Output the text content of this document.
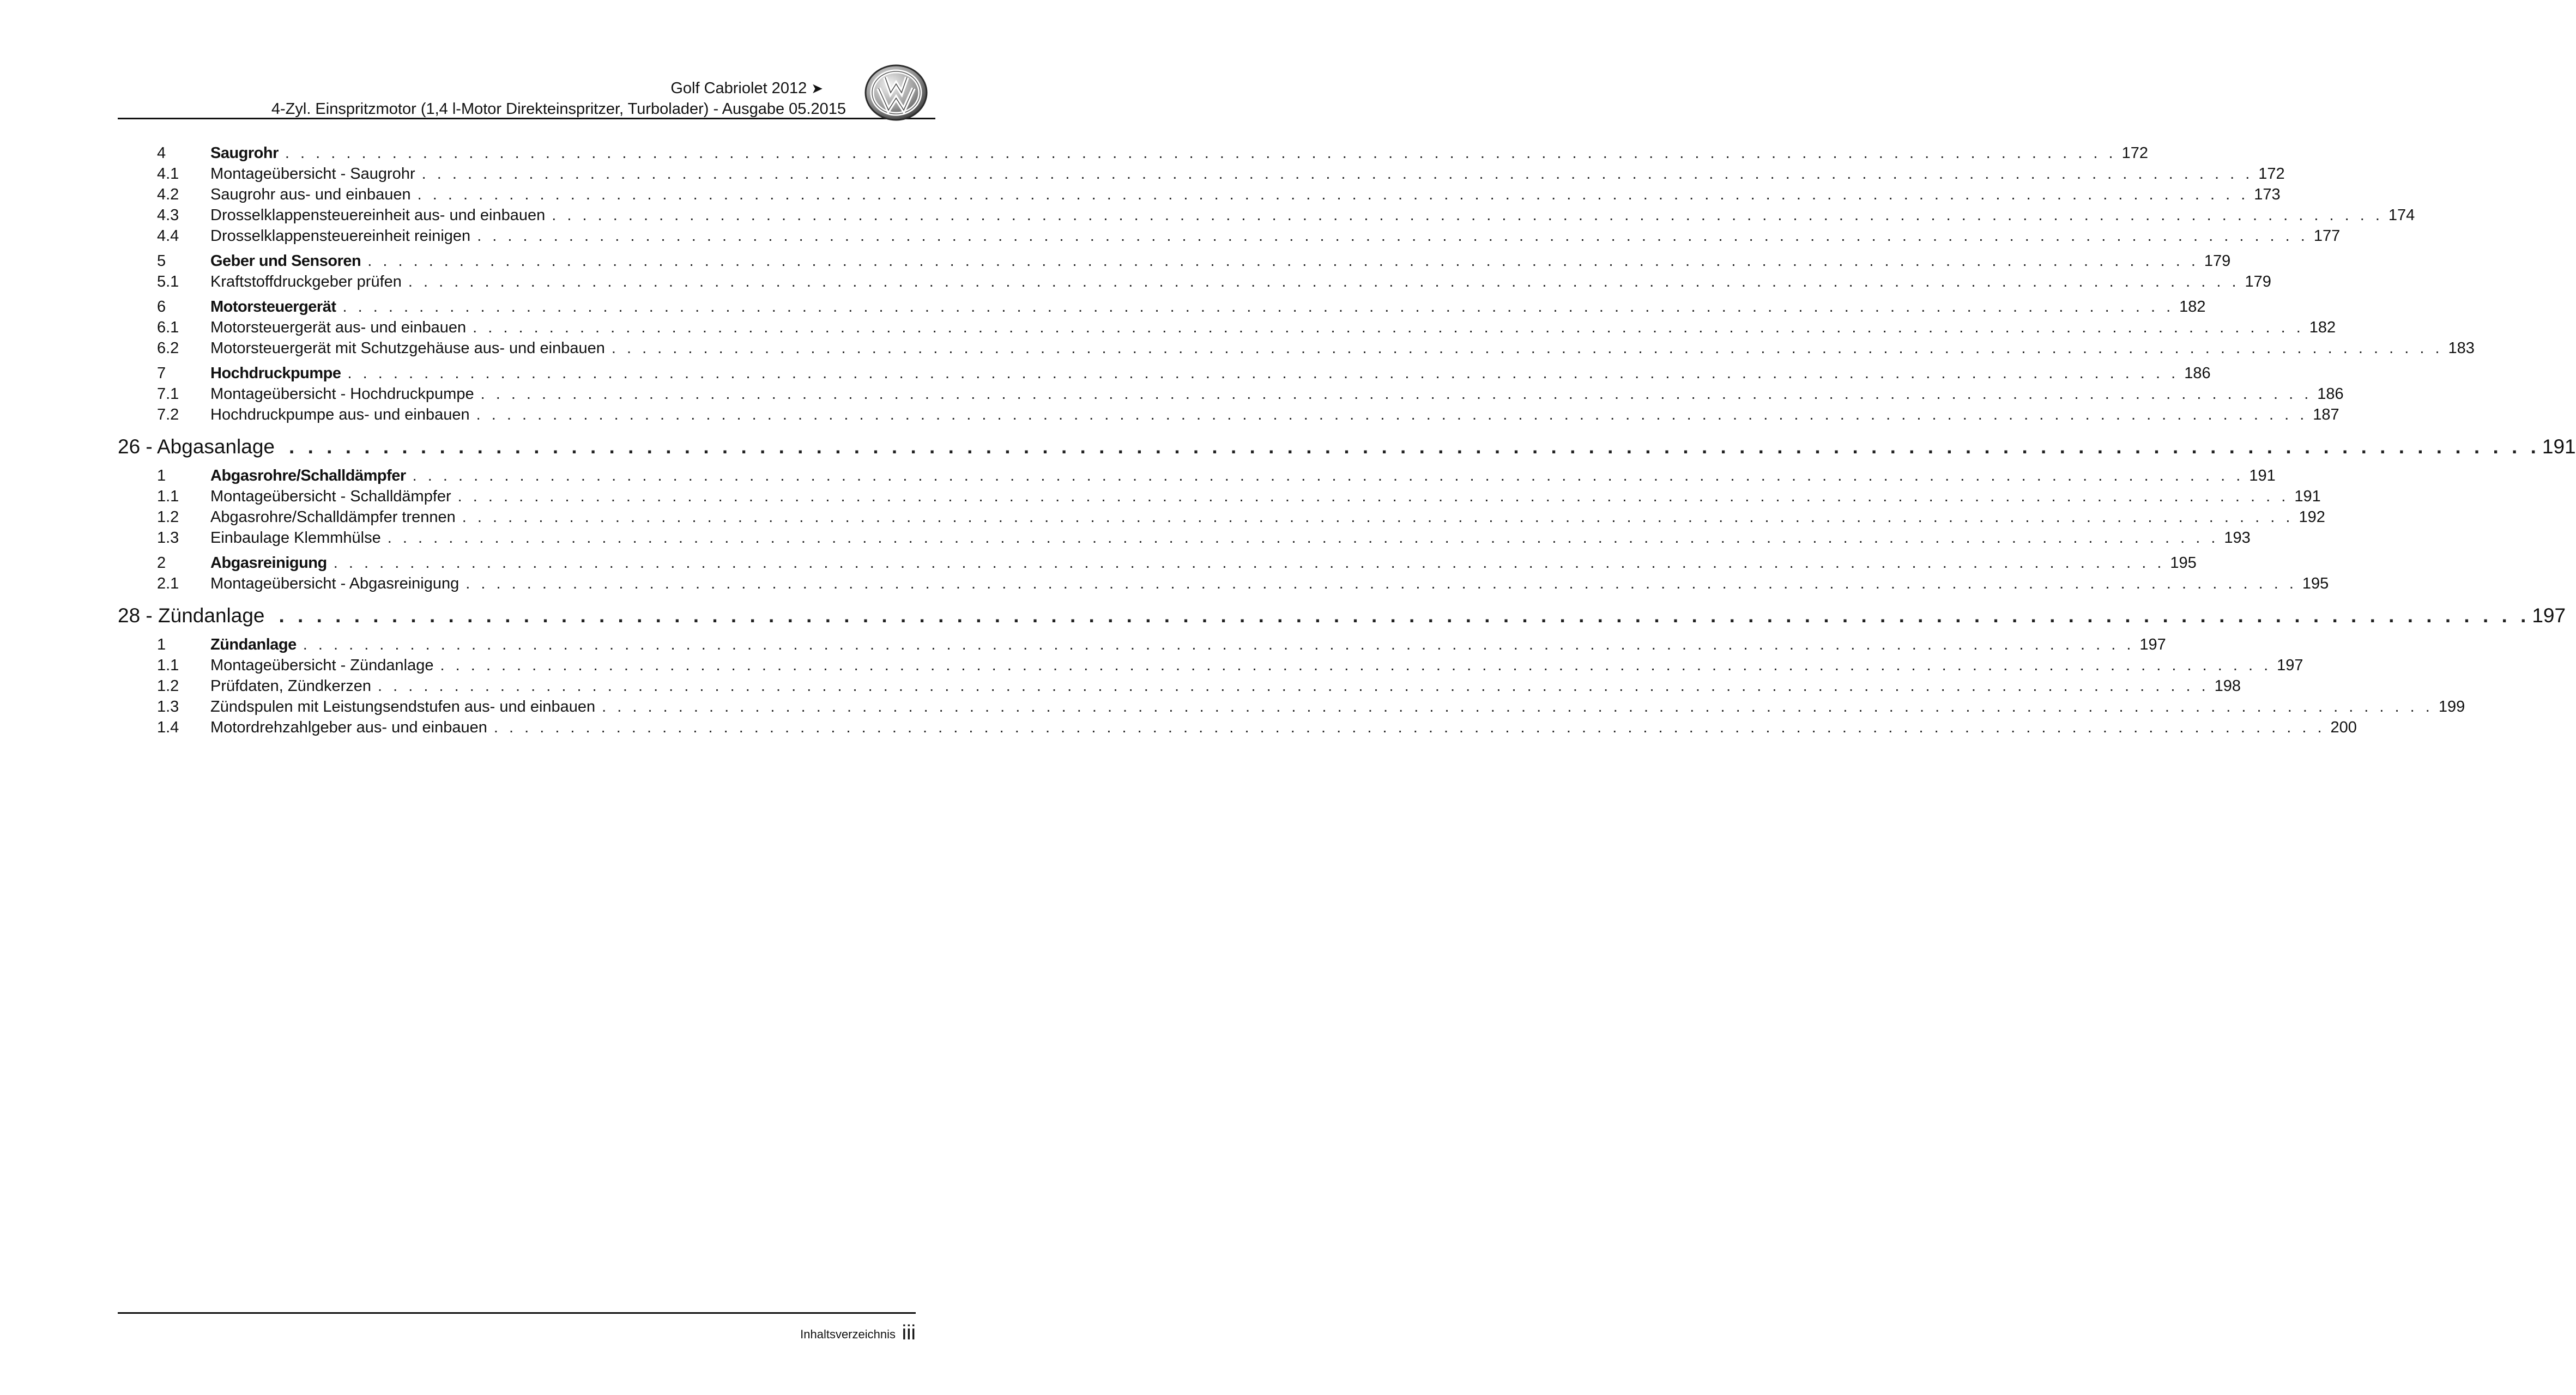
Golf Cabriolet 2012 ➤
4-Zyl. Einspritzmotor (1,4 l-Motor Direkteinspritzer, Turbolader) - Ausgabe 05.2015
4	Saugrohr . . . . . . . . . . . . . . . . . . . . . . . . . . . . . . . . . . . . . . . . . . . . . . . . . . . . . . . . . . . . . . . . . . . . . . . . . . . . . . . . . . . . . . . . . . . . . . . . . . . . . . . . . . . . . . . . . . . . . . . . 172
4.1	Montageübersicht - Saugrohr . . . . . . . . . . . . . . . . . . . . . . . . . . . . . . . . . . . . . . . . . . . . . . . . . . . . . . . . . . . . . . . . . . . . . . . . . . . . . . . . . . . . . . . . . . . . . . . . . . . . . . . . . . . . . . . . . . . . . . . . 172
4.2	Saugrohr aus- und einbauen . . . . . . . . . . . . . . . . . . . . . . . . . . . . . . . . . . . . . . . . . . . . . . . . . . . . . . . . . . . . . . . . . . . . . . . . . . . . . . . . . . . . . . . . . . . . . . . . . . . . . . . . . . . . . . . . . . . . . . . . 173
4.3	Drosselklappensteuereinheit aus- und einbauen . . . . . . . . . . . . . . . . . . . . . . . . . . . . . . . . . . . . . . . . . . . . . . . . . . . . . . . . . . . . . . . . . . . . . . . . . . . . . . . . . . . . . . . . . . . . . . . . . . . . . . . . . . . . . . . . . . . . . . . . 174
4.4	Drosselklappensteuereinheit reinigen . . . . . . . . . . . . . . . . . . . . . . . . . . . . . . . . . . . . . . . . . . . . . . . . . . . . . . . . . . . . . . . . . . . . . . . . . . . . . . . . . . . . . . . . . . . . . . . . . . . . . . . . . . . . . . . . . . . . . . . . 177
5	Geber und Sensoren . . . . . . . . . . . . . . . . . . . . . . . . . . . . . . . . . . . . . . . . . . . . . . . . . . . . . . . . . . . . . . . . . . . . . . . . . . . . . . . . . . . . . . . . . . . . . . . . . . . . . . . . . . . . . . . . . . . . . . . . 179
5.1	Kraftstoffdruckgeber prüfen . . . . . . . . . . . . . . . . . . . . . . . . . . . . . . . . . . . . . . . . . . . . . . . . . . . . . . . . . . . . . . . . . . . . . . . . . . . . . . . . . . . . . . . . . . . . . . . . . . . . . . . . . . . . . . . . . . . . . . . . 179
6	Motorsteuergerät . . . . . . . . . . . . . . . . . . . . . . . . . . . . . . . . . . . . . . . . . . . . . . . . . . . . . . . . . . . . . . . . . . . . . . . . . . . . . . . . . . . . . . . . . . . . . . . . . . . . . . . . . . . . . . . . . . . . . . . . 182
6.1	Motorsteuergerät aus- und einbauen . . . . . . . . . . . . . . . . . . . . . . . . . . . . . . . . . . . . . . . . . . . . . . . . . . . . . . . . . . . . . . . . . . . . . . . . . . . . . . . . . . . . . . . . . . . . . . . . . . . . . . . . . . . . . . . . . . . . . . . . 182
6.2	Motorsteuergerät mit Schutzgehäuse aus- und einbauen . . . . . . . . . . . . . . . . . . . . . . . . . . . . . . . . . . . . . . . . . . . . . . . . . . . . . . . . . . . . . . . . . . . . . . . . . . . . . . . . . . . . . . . . . . . . . . . . . . . . . . . . . . . . . . . . . . . . . . . . 183
7	Hochdruckpumpe . . . . . . . . . . . . . . . . . . . . . . . . . . . . . . . . . . . . . . . . . . . . . . . . . . . . . . . . . . . . . . . . . . . . . . . . . . . . . . . . . . . . . . . . . . . . . . . . . . . . . . . . . . . . . . . . . . . . . . . . 186
7.1	Montageübersicht - Hochdruckpumpe . . . . . . . . . . . . . . . . . . . . . . . . . . . . . . . . . . . . . . . . . . . . . . . . . . . . . . . . . . . . . . . . . . . . . . . . . . . . . . . . . . . . . . . . . . . . . . . . . . . . . . . . . . . . . . . . . . . . . . . . 186
7.2	Hochdruckpumpe aus- und einbauen . . . . . . . . . . . . . . . . . . . . . . . . . . . . . . . . . . . . . . . . . . . . . . . . . . . . . . . . . . . . . . . . . . . . . . . . . . . . . . . . . . . . . . . . . . . . . . . . . . . . . . . . . . . . . . . . . . . . . . . . 187
26 - Abgasanlage . . . . . . . . . . . . . . . . . . . . . . . . . . . . . . . . . . . . . . . . . . . . . . . . . . . . . . . . . . . . . . . . . . . . . . . . . . . . . . . . . . . . . . . . . . . . . . . . . . . . . . . . . . . . . . . . . . . . . . . . 191
1	Abgasrohre/Schalldämpfer . . . . . . . . . . . . . . . . . . . . . . . . . . . . . . . . . . . . . . . . . . . . . . . . . . . . . . . . . . . . . . . . . . . . . . . . . . . . . . . . . . . . . . . . . . . . . . . . . . . . . . . . . . . . . . . . . . . . . . . . 191
1.1	Montageübersicht - Schalldämpfer . . . . . . . . . . . . . . . . . . . . . . . . . . . . . . . . . . . . . . . . . . . . . . . . . . . . . . . . . . . . . . . . . . . . . . . . . . . . . . . . . . . . . . . . . . . . . . . . . . . . . . . . . . . . . . . . . . . . . . . . 191
1.2	Abgasrohre/Schalldämpfer trennen . . . . . . . . . . . . . . . . . . . . . . . . . . . . . . . . . . . . . . . . . . . . . . . . . . . . . . . . . . . . . . . . . . . . . . . . . . . . . . . . . . . . . . . . . . . . . . . . . . . . . . . . . . . . . . . . . . . . . . . . 192
1.3	Einbaulage Klemmhülse . . . . . . . . . . . . . . . . . . . . . . . . . . . . . . . . . . . . . . . . . . . . . . . . . . . . . . . . . . . . . . . . . . . . . . . . . . . . . . . . . . . . . . . . . . . . . . . . . . . . . . . . . . . . . . . . . . . . . . . . 193
2	Abgasreinigung . . . . . . . . . . . . . . . . . . . . . . . . . . . . . . . . . . . . . . . . . . . . . . . . . . . . . . . . . . . . . . . . . . . . . . . . . . . . . . . . . . . . . . . . . . . . . . . . . . . . . . . . . . . . . . . . . . . . . . . . 195
2.1	Montageübersicht - Abgasreinigung . . . . . . . . . . . . . . . . . . . . . . . . . . . . . . . . . . . . . . . . . . . . . . . . . . . . . . . . . . . . . . . . . . . . . . . . . . . . . . . . . . . . . . . . . . . . . . . . . . . . . . . . . . . . . . . . . . . . . . . . 195
28 - Zündanlage . . . . . . . . . . . . . . . . . . . . . . . . . . . . . . . . . . . . . . . . . . . . . . . . . . . . . . . . . . . . . . . . . . . . . . . . . . . . . . . . . . . . . . . . . . . . . . . . . . . . . . . . . . . . . . . . . . . . . . . . 197
1	Zündanlage . . . . . . . . . . . . . . . . . . . . . . . . . . . . . . . . . . . . . . . . . . . . . . . . . . . . . . . . . . . . . . . . . . . . . . . . . . . . . . . . . . . . . . . . . . . . . . . . . . . . . . . . . . . . . . . . . . . . . . . . 197
1.1	Montageübersicht - Zündanlage . . . . . . . . . . . . . . . . . . . . . . . . . . . . . . . . . . . . . . . . . . . . . . . . . . . . . . . . . . . . . . . . . . . . . . . . . . . . . . . . . . . . . . . . . . . . . . . . . . . . . . . . . . . . . . . . . . . . . . . . 197
1.2	Prüfdaten, Zündkerzen . . . . . . . . . . . . . . . . . . . . . . . . . . . . . . . . . . . . . . . . . . . . . . . . . . . . . . . . . . . . . . . . . . . . . . . . . . . . . . . . . . . . . . . . . . . . . . . . . . . . . . . . . . . . . . . . . . . . . . . . 198
1.3	Zündspulen mit Leistungsendstufen aus- und einbauen . . . . . . . . . . . . . . . . . . . . . . . . . . . . . . . . . . . . . . . . . . . . . . . . . . . . . . . . . . . . . . . . . . . . . . . . . . . . . . . . . . . . . . . . . . . . . . . . . . . . . . . . . . . . . . . . . . . . . . . . 199
1.4	Motordrehzahlgeber aus- und einbauen . . . . . . . . . . . . . . . . . . . . . . . . . . . . . . . . . . . . . . . . . . . . . . . . . . . . . . . . . . . . . . . . . . . . . . . . . . . . . . . . . . . . . . . . . . . . . . . . . . . . . . . . . . . . . . . . . . . . . . . . 200
Inhaltsverzeichnis iii
